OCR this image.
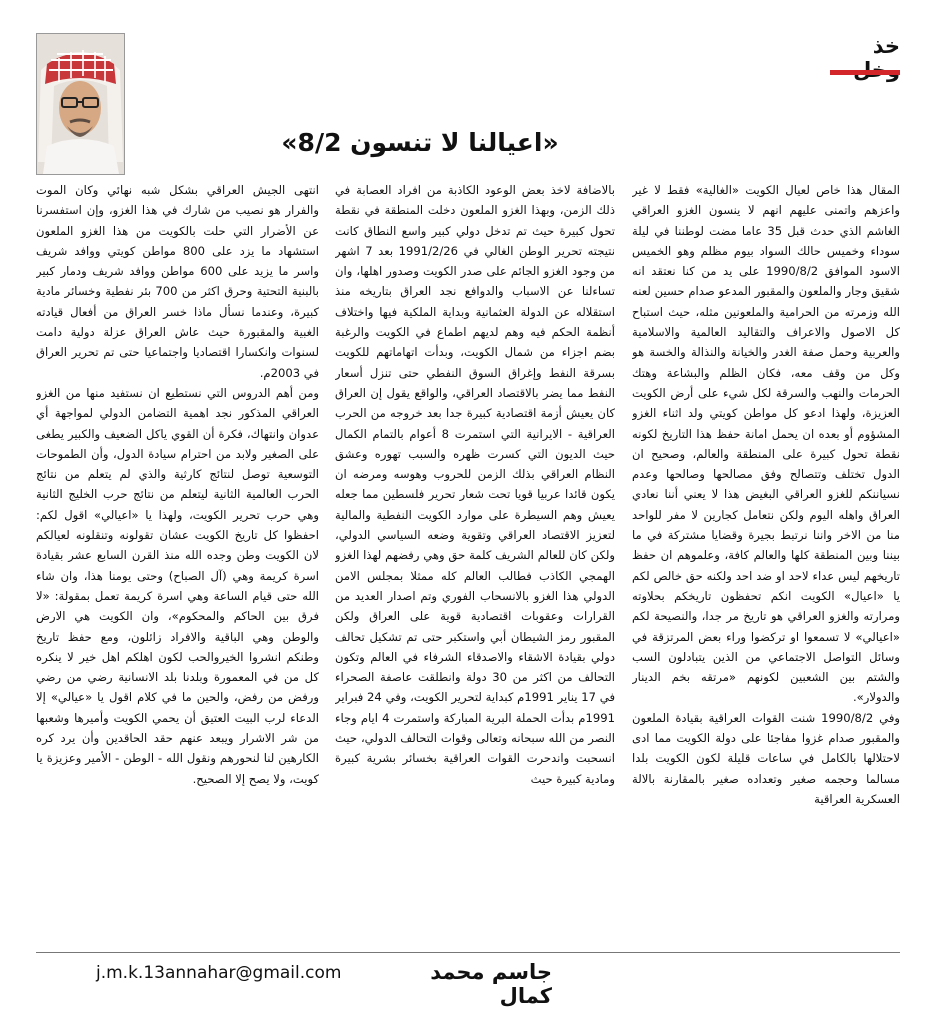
خذ
«اعيالنا لا تنسون 8/2»

المقال هذا خاص لعيال الكويت «الغالية» فقط لا غير واعزهم واتمنى عليهم انهم لا ينسون الغزو العراقي الغاشم الذي حدث قبل 35 عاما مضت لوطننا في ليلة سوداء وخميس حالك السواد بيوم مظلم وهو الخميس الاسود الموافق 1990/8/2 على يد من كنا نعتقد انه شقيق وجار والملعون والمقبور المدعو صدام حسين لعنه الله وزمرته من الحرامية والملعونين مثله، حيث استباح كل الاصول والاعراف والتقاليد العالمية والاسلامية والعربية وحمل صفة الغدر والخيانة والنذالة والخسة هو وكل من وقف معه، فكان الظلم والبشاعة وهتك الحرمات والنهب والسرقة لكل شيء على أرض الكويت العزيزة، ولهذا ادعو كل مواطن كويتي ولد اثناء الغزو المشؤوم أو بعده ان يحمل امانة حفظ هذا التاريخ لكونه نقطة تحول كبيرة على المنطقة والعالم، وصحيح ان الدول تختلف وتتصالح وفق مصالحها وصالحها وعدم نسياننكم للغزو العراقي البغيض هذا لا يعني أننا نعادي العراق واهله اليوم ولكن نتعامل كجارين لا مفر للواحد منا من الاخر واننا نرتبط بجيرة وقضايا مشتركة في ما بيننا وبين المنطقة كلها والعالم كافة، وعلموهم ان حفظ تاريخهم ليس عداء لاحد او ضد احد ولكنه حق خالص لكم يا «اعيال» الكويت انكم تحفظون تاريخكم بحلاوته ومرارته والغزو العراقي هو تاريخ مر جدا، والنصيحة لكم «اعيالي» لا تسمعوا او تركضوا وراء بعض المرتزقة في وسائل التواصل الاجتماعي من الذين يتبادلون السب والشتم بين الشعبين لكونهم «مرتقه بخم الدينار والدولار».

وفي 1990/8/2 شنت القوات العراقية بقيادة الملعون والمقبور صدام غزوا مفاجئا على دولة الكويت مما ادى لاحتلالها بالكامل في ساعات قليلة لكون الكويت بلدا مسالما وحجمه صغير وتعداده صغير بالمقارنة بالالة العسكرية العراقية

بالاضافة لاخذ بعض الوعود الكاذبة من افراد العصابة في ذلك الزمن، وبهذا الغزو الملعون دخلت المنطقة في نقطة تحول كبيرة حيث تم تدخل دولي كبير واسع النطاق كانت نتيجته تحرير الوطن الغالي في 1991/2/26 بعد 7 اشهر من وجود الغزو الجائم على صدر الكويت وصدور اهلها، وان تساءلنا عن الاسباب والدوافع نجد العراق بتاريخه منذ استقلاله عن الدولة العثمانية وبداية الملكية فيها واختلاف أنظمة الحكم فيه وهم لديهم اطماع في الكويت والرغبة بضم اجزاء من شمال الكويت، وبدأت اتهاماتهم للكويت بسرقة النفط وإغراق السوق النفطي حتى تنزل أسعار النفط مما يضر بالاقتصاد العراقي، والواقع يقول إن العراق كان يعيش أزمة اقتصادية كبيرة جدا بعد خروجه من الحرب العراقية - الايرانية التي استمرت 8 أعوام بالتمام الكمال حيث الديون التي كسرت ظهره والسبب تهوره وعشق النظام العراقي بذلك الزمن للحروب وهوسه ومرضه ان يكون قائدا عربيا قويا تحت شعار تحرير فلسطين مما جعله يعيش وهم السيطرة على موارد الكويت النفطية والمالية لتعزيز الاقتصاد العراقي وتقوية وضعه السياسي الدولي، ولكن كان للعالم الشريف كلمة حق وهي رفضهم لهذا الغزو الهمجي الكاذب فطالب العالم كله ممثلا بمجلس الامن الدولي هذا الغزو بالانسحاب الفوري وتم اصدار العديد من القرارات وعقوبات اقتصادية قوية على العراق ولكن المقبور رمز الشيطان أبي واستكبر حتى تم تشكيل تحالف دولي بقيادة الاشقاء والاصدقاء الشرفاء في العالم وتكون التحالف من اكثر من 30 دولة وانطلقت عاصفة الصحراء في 17 يناير 1991م كبداية لتحرير الكويت، وفي 24 فبراير 1991م بدأت الحملة البرية المباركة واستمرت 4 ايام وجاء النصر من الله سبحانه وتعالى وقوات التحالف الدولي، حيث انسحبت واندحرت القوات العراقية بخسائر بشرية كبيرة ومادية كبيرة حيث

انتهى الجيش العراقي بشكل شبه نهائي وكان الموت والفرار هو نصيب من شارك في هذا الغزو، وإن استفسرنا عن الأضرار التي حلت بالكويت من هذا الغزو الملعون استشهاد ما يزد على 800 مواطن كويتي ووافد شريف واسر ما يزيد على 600 مواطن ووافد شريف ودمار كبير بالبنية التحتية وحرق اكثر من 700 بئر نفطية وخسائر مادية كبيرة، وعندما نسأل ماذا خسر العراق من أفعال قيادته الغبية والمقبورة حيث عاش العراق عزلة دولية دامت لسنوات وانكسارا اقتصاديا واجتماعيا حتى تم تحرير العراق في 2003م.

ومن أهم الدروس التي نستطيع ان نستفيد منها من الغزو العراقي المذكور نجد اهمية التضامن الدولي لمواجهة أي عدوان وانتهاك، فكرة أن القوي ياكل الضعيف والكبير يطغى على الصغير ولابد من احترام سيادة الدول، وأن الطموحات التوسعية توصل لنتائج كارثية والذي لم يتعلم من نتائج الحرب العالمية الثانية ليتعلم من نتائج حرب الخليج الثانية وهي حرب تحرير الكويت، ولهذا يا «اعيالي» اقول لكم: احفظوا كل تاريخ الكويت عشان تقولونه وتنقلونه لعيالكم لان الكويت وطن وجده الله منذ القرن السابع عشر بقيادة اسرة كريمة وهي (آل الصباح) وحتى يومنا هذا، وان شاء الله حتى قيام الساعة وهي اسرة كريمة تعمل بمقولة: «لا فرق بين الحاكم والمحكوم»، وان الكويت هي الارض والوطن وهي الباقية والافراد زائلون، ومع حفظ تاريخ وطنكم انشروا الخيروالحب لكون اهلكم اهل خير لا ينكره كل من في المعمورة وبلدنا بلد الانسانية رضي من رضي ورفض من رفض، والحين ما في كلام اقول يا «عيالي» إلا الدعاء لرب البيت العتيق أن يحمي الكويت وأميرها وشعبها من شر الاشرار ويبعد عنهم حقد الحاقدين وأن يرد كره الكارهين لنا لنحورهم ونقول الله - الوطن - الأمير وعزيزة يا كويت، ولا يصح إلا الصحيح.

جاسم محمد كمال
j.m.k.13annahar@gmail.com
